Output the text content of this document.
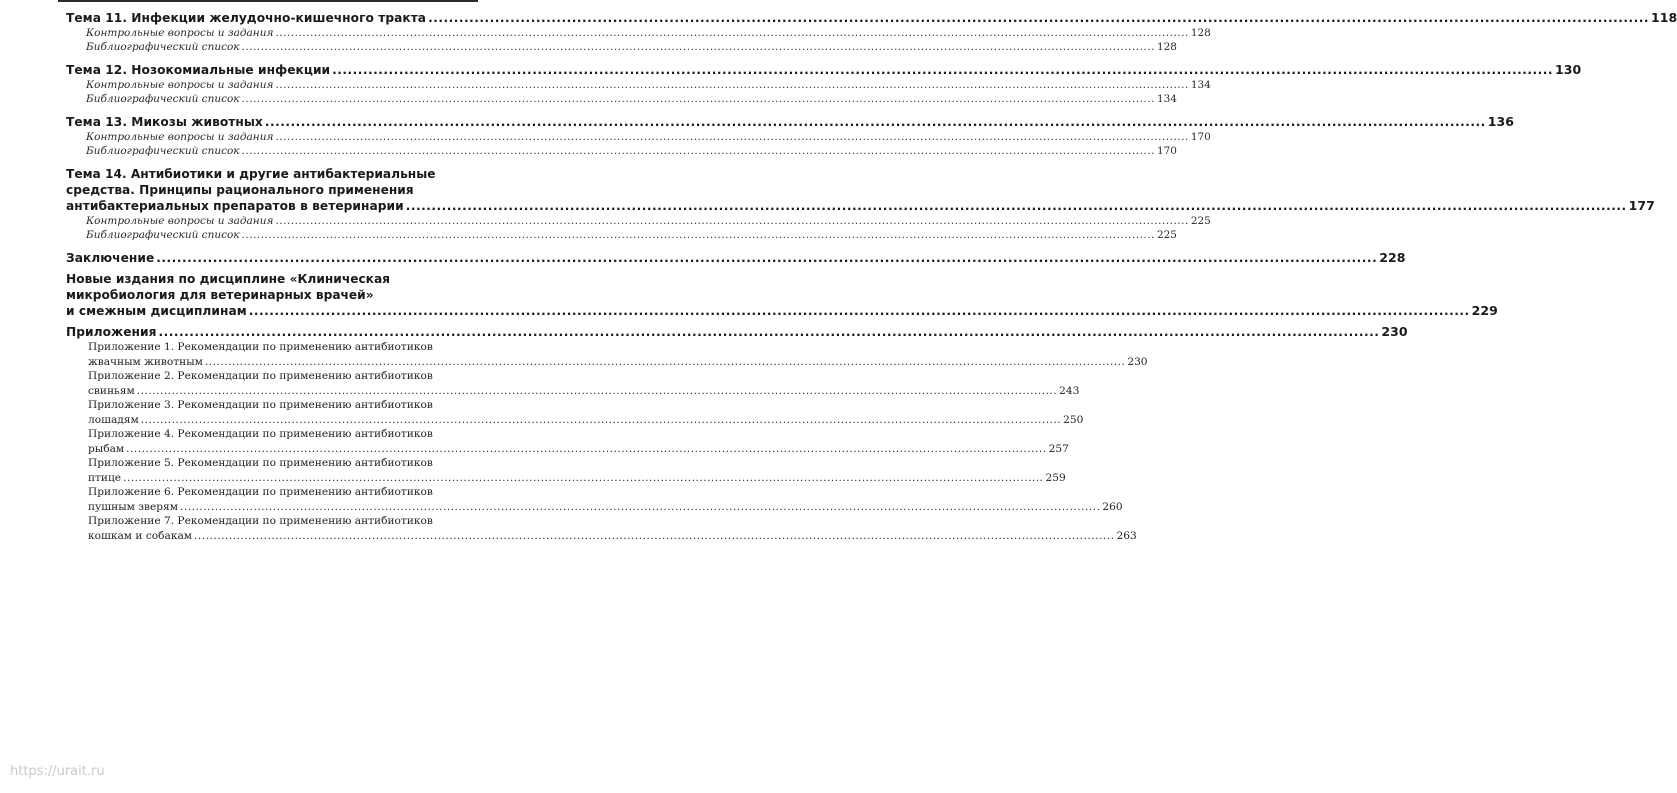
Тема 11. Инфекции желудочно-кишечного тракта .....	118
Контрольные вопросы и задания .....	128
Библиографический список .....	128
Тема 12. Нозокомиальные инфекции .....	130
Контрольные вопросы и задания .....	134
Библиографический список .....	134
Тема 13. Микозы животных .....	136
Контрольные вопросы и задания .....	170
Библиографический список .....	170
Тема 14. Антибиотики и другие антибактериальные
средства. Принципы рационального применения
антибактериальных препаратов в ветеринарии .....	177
Контрольные вопросы и задания .....	225
Библиографический список .....	225
Заключение .....	228
Новые издания по дисциплине «Клиническая
микробиология для ветеринарных врачей»
и смежным дисциплинам .....	229
Приложения .....	230
Приложение 1. Рекомендации по применению антибиотиков
жвачным животным .....	230
Приложение 2. Рекомендации по применению антибиотиков
свиньям .....	243
Приложение 3. Рекомендации по применению антибиотиков
лошадям .....	250
Приложение 4. Рекомендации по применению антибиотиков
рыбам .....	257
Приложение 5. Рекомендации по применению антибиотиков
птице .....	259
Приложение 6. Рекомендации по применению антибиотиков
пушным зверям .....	260
Приложение 7. Рекомендации по применению антибиотиков
кошкам и собакам .....	263
https://urait.ru
